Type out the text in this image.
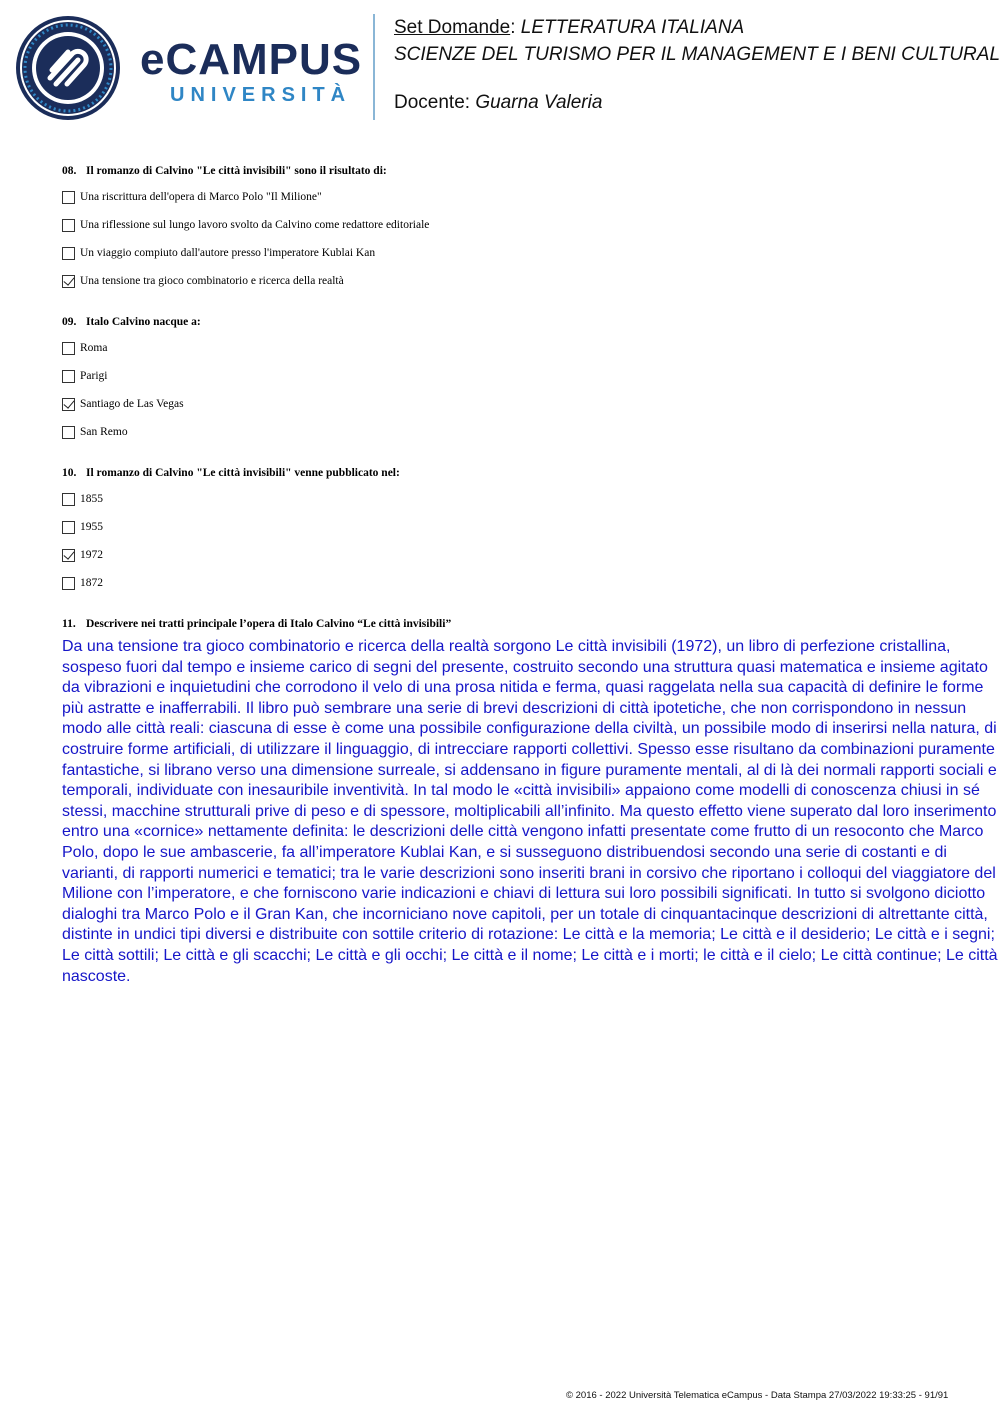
eCAMPUS
UNIVERSITÀ
Set Domande: LETTERATURA ITALIANA
SCIENZE DEL TURISMO PER IL MANAGEMENT E I BENI CULTURAL
Docente: Guarna Valeria
08. Il romanzo di Calvino "Le città invisibili" sono il risultato di:
Una riscrittura dell'opera di Marco Polo "Il Milione"
Una riflessione sul lungo lavoro svolto da Calvino come redattore editoriale
Un viaggio compiuto dall'autore presso l'imperatore Kublai Kan
Una tensione tra gioco combinatorio e ricerca della realtà
09. Italo Calvino nacque a:
Roma
Parigi
Santiago de Las Vegas
San Remo
10. Il romanzo di Calvino "Le città invisibili" venne pubblicato nel:
1855
1955
1972
1872
11. Descrivere nei tratti principale l’opera di Italo Calvino “Le città invisibili”

Da una tensione tra gioco combinatorio e ricerca della realtà sorgono Le città invisibili (1972), un libro di perfezione cristallina, sospeso fuori dal tempo e insieme carico di segni del presente, costruito secondo una struttura quasi matematica e insieme agitato da vibrazioni e inquietudini che corrodono il velo di una prosa nitida e ferma, quasi raggelata nella sua capacità di definire le forme più astratte e inafferrabili. Il libro può sembrare una serie di brevi descrizioni di città ipotetiche, che non corrispondono in nessun modo alle città reali: ciascuna di esse è come una possibile configurazione della civiltà, un possibile modo di inserirsi nella natura, di costruire forme artificiali, di utilizzare il linguaggio, di intrecciare rapporti collettivi. Spesso esse risultano da combinazioni puramente fantastiche, si librano verso una dimensione surreale, si addensano in figure puramente mentali, al di là dei normali rapporti sociali e temporali, individuate con inesauribile inventività. In tal modo le «città invisibili» appaiono come modelli di conoscenza chiusi in sé stessi, macchine strutturali prive di peso e di spessore, moltiplicabili all’infinito. Ma questo effetto viene superato dal loro inserimento entro una «cornice» nettamente definita: le descrizioni delle città vengono infatti presentate come frutto di un resoconto che Marco Polo, dopo le sue ambascerie, fa all’imperatore Kublai Kan, e si susseguono distribuendosi secondo una serie di costanti e di varianti, di rapporti numerici e tematici; tra le varie descrizioni sono inseriti brani in corsivo che riportano i colloqui del viaggiatore del Milione con l’imperatore, e che forniscono varie indicazioni e chiavi di lettura sui loro possibili significati. In tutto si svolgono diciotto dialoghi tra Marco Polo e il Gran Kan, che incorniciano nove capitoli, per un totale di cinquantacinque descrizioni di altrettante città, distinte in undici tipi diversi e distribuite con sottile criterio di rotazione: Le città e la memoria; Le città e il desiderio; Le città e i segni; Le città sottili; Le città e gli scacchi; Le città e gli occhi; Le città e il nome; Le città e i morti; le città e il cielo; Le città continue; Le città nascoste.

© 2016 - 2022 Università Telematica eCampus - Data Stampa 27/03/2022 19:33:25 - 91/91
